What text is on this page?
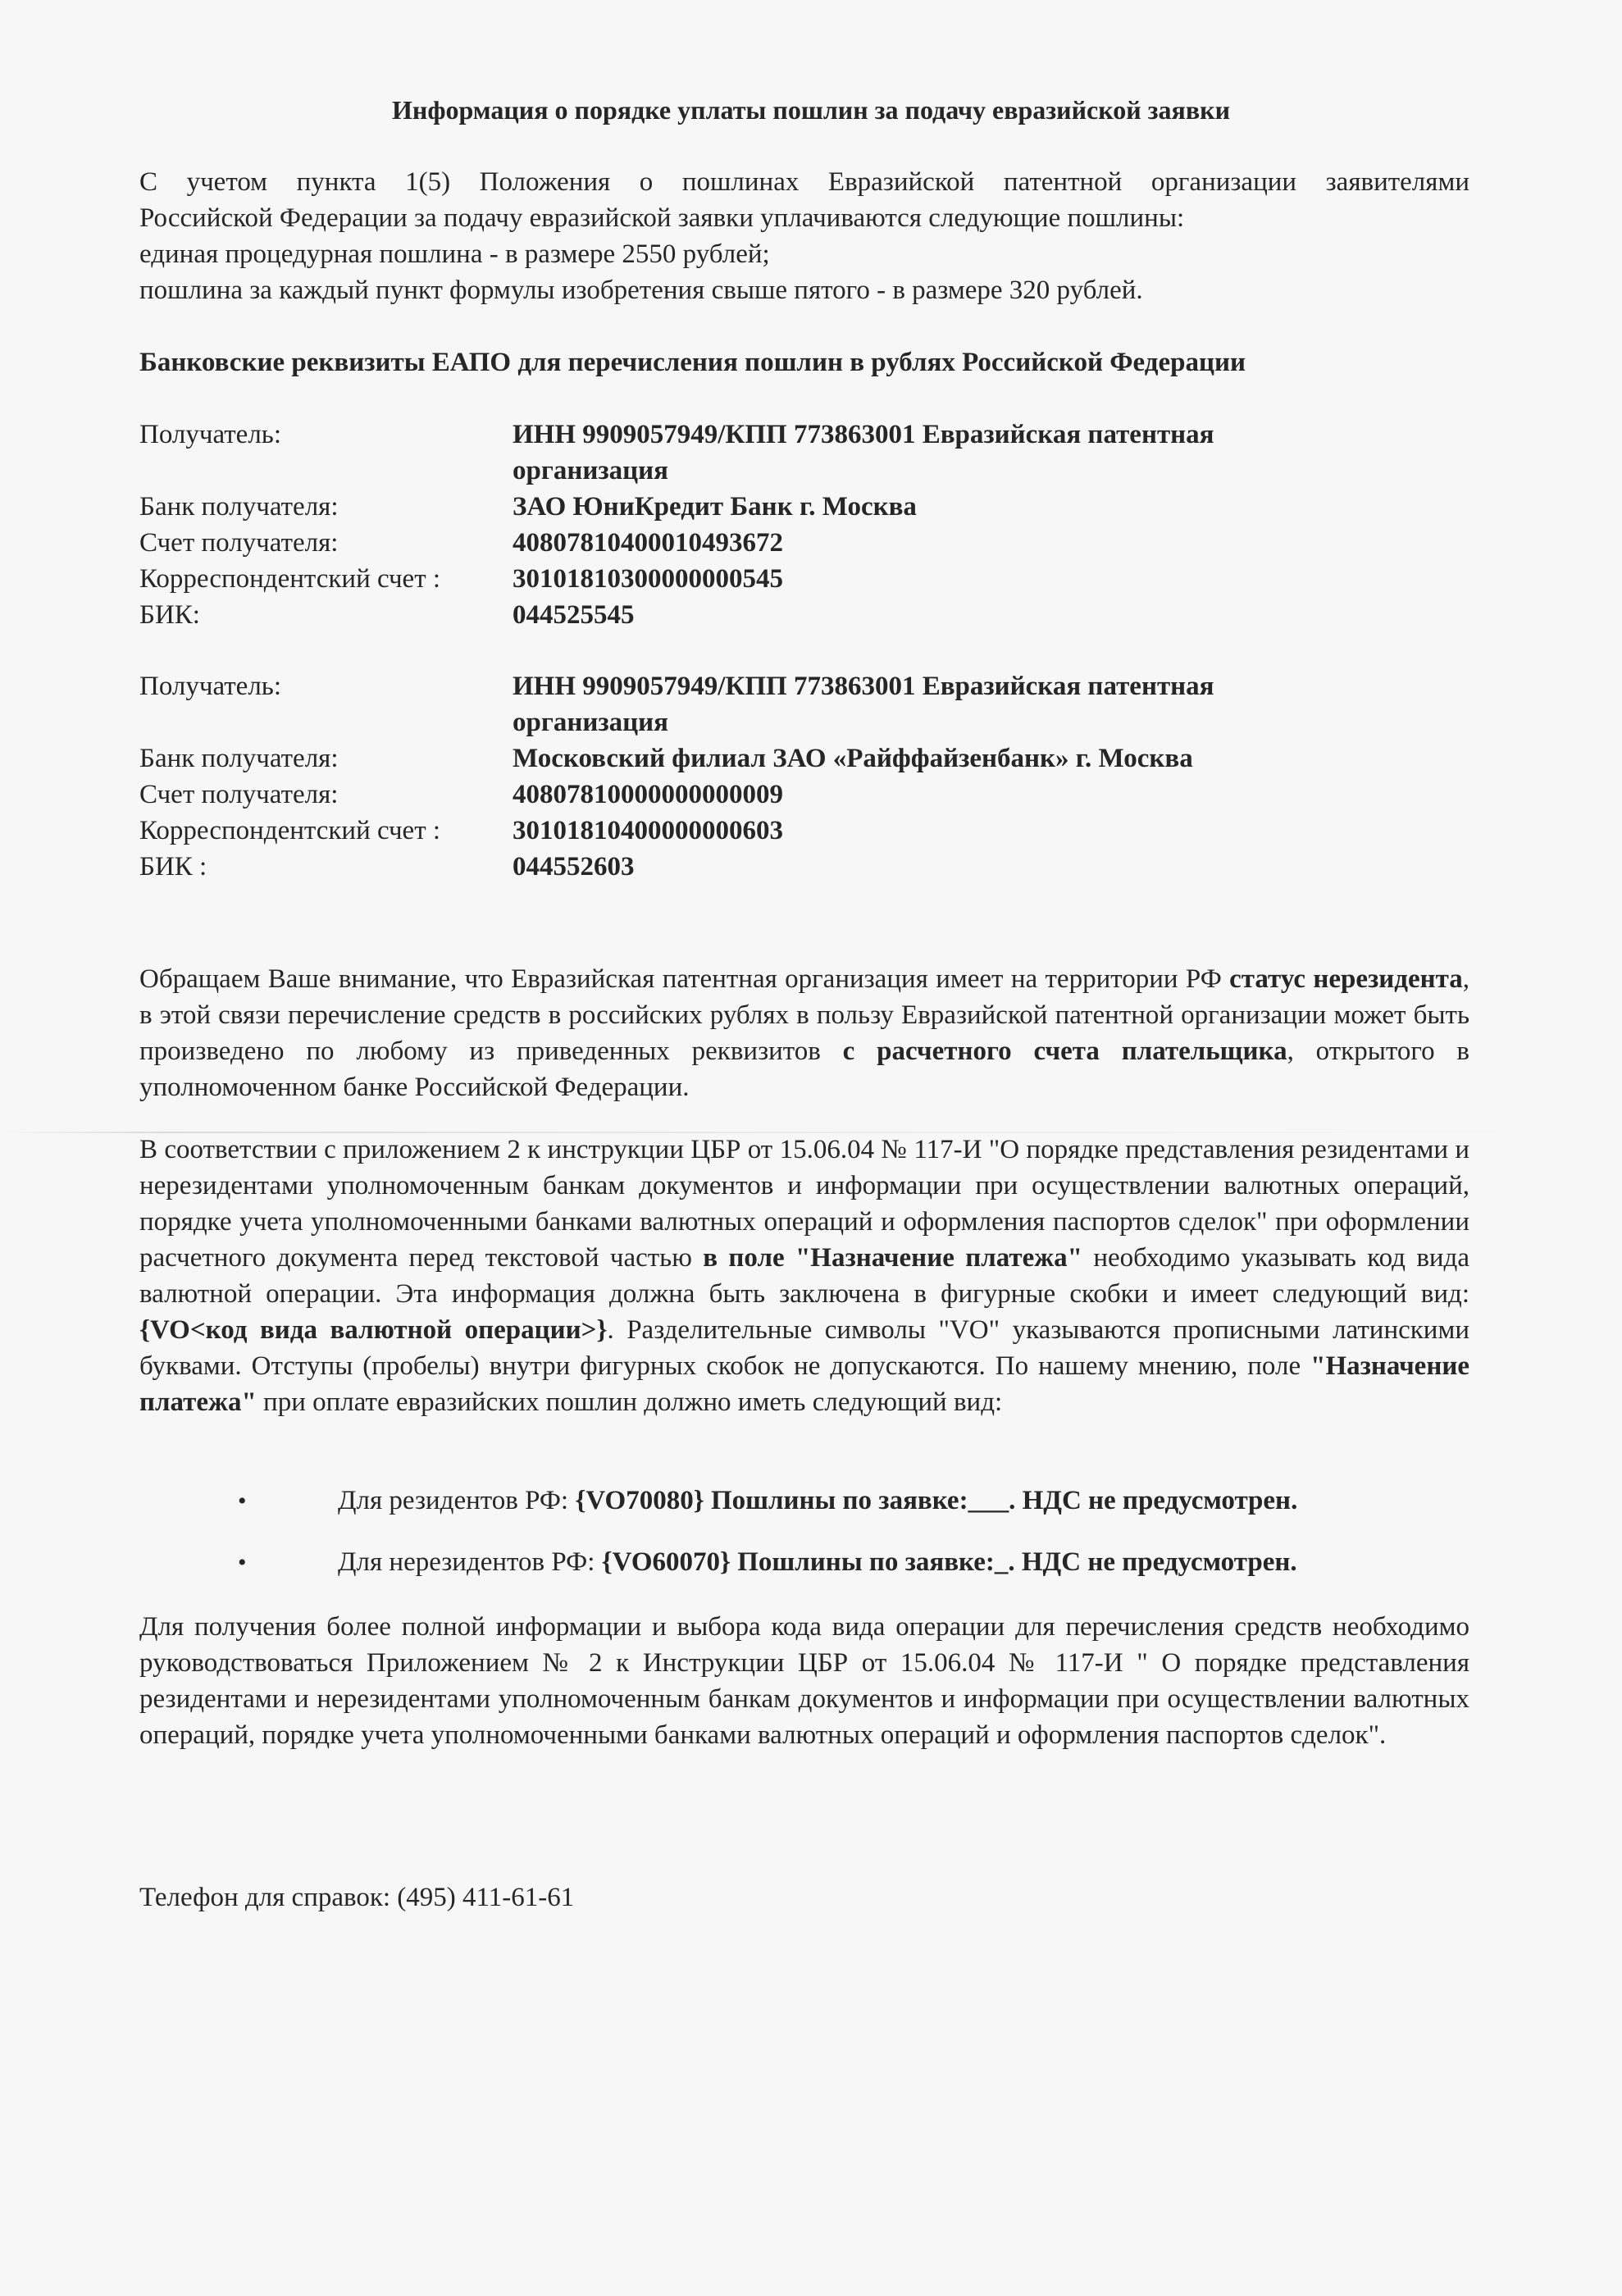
Информация о порядке уплаты пошлин за подачу евразийской заявки
С учетом пункта 1(5) Положения о пошлинах Евразийской патентной организации заявителями
Российской Федерации за подачу евразийской заявки уплачиваются следующие пошлины:
единая процедурная пошлина - в размере 2550 рублей;
пошлина за каждый пункт формулы изобретения свыше пятого - в размере 320 рублей.
Банковские реквизиты ЕАПО для перечисления пошлин в рублях Российской Федерации
Получатель:	ИНН 9909057949/КПП 773863001 Евразийская патентная
организация
Банк получателя:	ЗАО ЮниКредит Банк г. Москва
Счет получателя:	40807810400010493672
Корреспондентский счет :	30101810300000000545
БИК:	044525545
Получатель:	ИНН 9909057949/КПП 773863001 Евразийская патентная
организация
Банк получателя:	Московский филиал ЗАО «Райффайзенбанк» г. Москва
Счет получателя:	40807810000000000009
Корреспондентский счет :	30101810400000000603
БИК :	044552603
Обращаем Ваше внимание, что Евразийская патентная организация имеет на территории РФ статус нерезидента, в этой связи перечисление средств в российских рублях в пользу Евразийской патентной организации может быть произведено по любому из приведенных реквизитов с расчетного счета плательщика, открытого в уполномоченном банке Российской Федерации.
В соответствии с приложением 2 к инструкции ЦБР от 15.06.04 № 117-И "О порядке представления резидентами и нерезидентами уполномоченным банкам документов и информации при осуществлении валютных операций, порядке учета уполномоченными банками валютных операций и оформления паспортов сделок" при оформлении расчетного документа перед текстовой частью в поле "Назначение платежа" необходимо указывать код вида валютной операции. Эта информация должна быть заключена в фигурные скобки и имеет следующий вид: {VO<код вида валютной операции>}. Разделительные символы "VO" указываются прописными латинскими буквами. Отступы (пробелы) внутри фигурных скобок не допускаются. По нашему мнению, поле "Назначение платежа" при оплате евразийских пошлин должно иметь следующий вид:
•	Для резидентов РФ: {VO70080} Пошлины по заявке:___. НДС не предусмотрен.
•	Для нерезидентов РФ: {VO60070} Пошлины по заявке:_. НДС не предусмотрен.
Для получения более полной информации и выбора кода вида операции для перечисления средств необходимо руководствоваться Приложением № 2 к Инструкции ЦБР от 15.06.04 № 117-И " О порядке представления резидентами и нерезидентами уполномоченным банкам документов и информации при осуществлении валютных операций, порядке учета уполномоченными банками валютных операций и оформления паспортов сделок".
Телефон для справок: (495) 411-61-61
